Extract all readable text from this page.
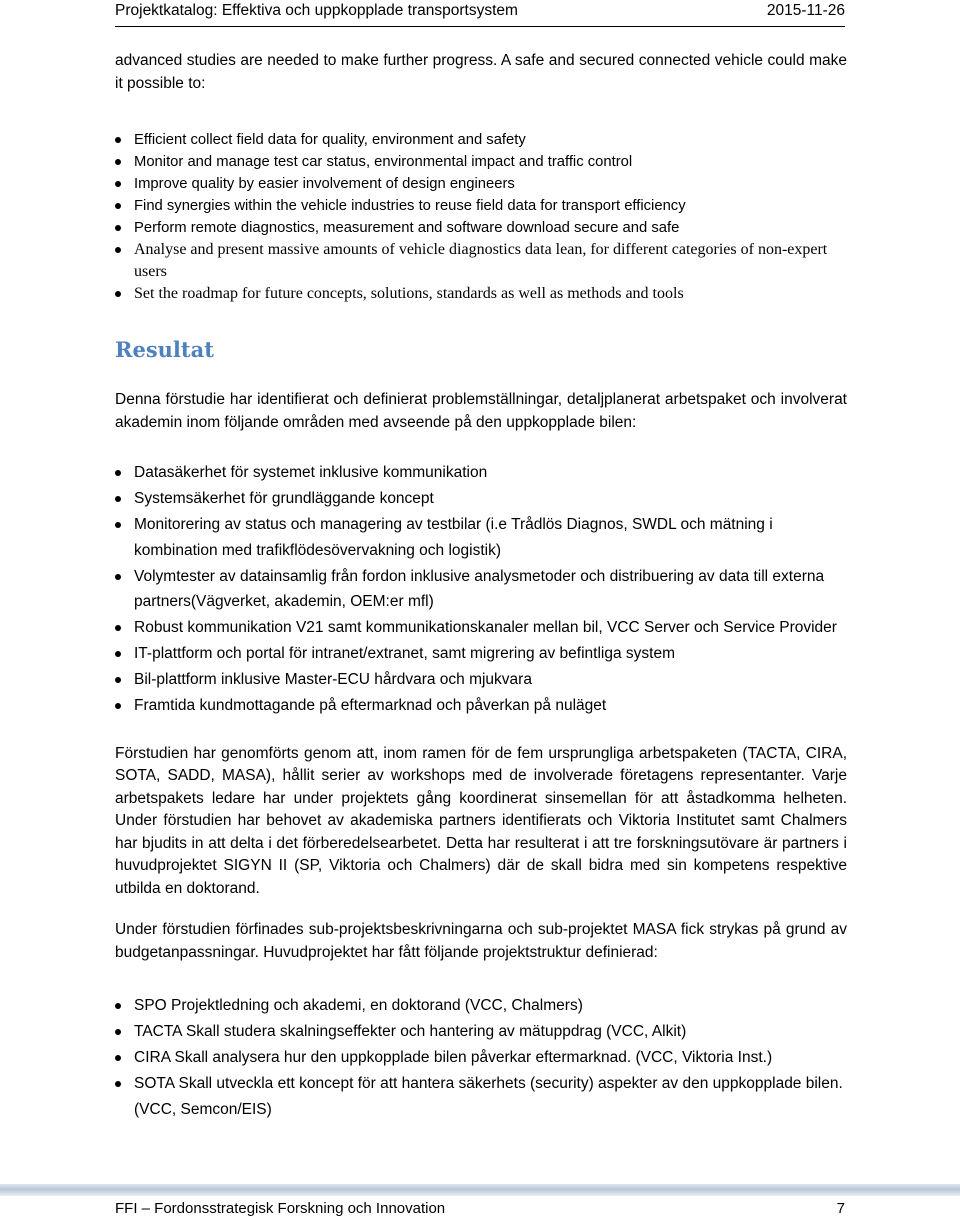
Projektkatalog: Effektiva och uppkopplade transportsystem	2015-11-26

advanced studies are needed to make further progress. A safe and secured connected vehicle could make it possible to:

Efficient collect field data for quality, environment and safety
Monitor and manage test car status, environmental impact and traffic control
Improve quality by easier involvement of design engineers
Find synergies within the vehicle industries to reuse field data for transport efficiency
Perform remote diagnostics, measurement and software download secure and safe
Analyse and present massive amounts of vehicle diagnostics data lean, for different categories of non-expert users
Set the roadmap for future concepts, solutions, standards as well as methods and tools
Resultat

Denna förstudie har identifierat och definierat problemställningar, detaljplanerat arbetspaket och involverat akademin inom följande områden med avseende på den uppkopplade bilen:

Datasäkerhet för systemet inklusive kommunikation
Systemsäkerhet för grundläggande koncept
Monitorering av status och managering av testbilar (i.e Trådlös Diagnos, SWDL och mätning i kombination med trafikflödesövervakning och logistik)
Volymtester av datainsamlig från fordon inklusive analysmetoder och distribuering av data till externa partners(Vägverket, akademin, OEM:er mfl)
Robust kommunikation V21 samt kommunikationskanaler mellan bil, VCC Server och Service Provider
IT-plattform och portal för intranet/extranet, samt migrering av befintliga system
Bil-plattform inklusive Master-ECU hårdvara och mjukvara
Framtida kundmottagande på eftermarknad och påverkan på nuläget

Förstudien har genomförts genom att, inom ramen för de fem ursprungliga arbetspaketen (TACTA, CIRA, SOTA, SADD, MASA), hållit serier av workshops med de involverade företagens representanter. Varje arbetspakets ledare har under projektets gång koordinerat sinsemellan för att åstadkomma helheten. Under förstudien har behovet av akademiska partners identifierats och Viktoria Institutet samt Chalmers har bjudits in att delta i det förberedelsearbetet. Detta har resulterat i att tre forskningsutövare är partners i huvudprojektet SIGYN II (SP, Viktoria och Chalmers) där de skall bidra med sin kompetens respektive utbilda en doktorand.

Under förstudien förfinades sub-projektsbeskrivningarna och sub-projektet MASA fick strykas på grund av budgetanpassningar. Huvudprojektet har fått följande projektstruktur definierad:

SPO Projektledning och akademi, en doktorand (VCC, Chalmers)
TACTA Skall studera skalningseffekter och hantering av mätuppdrag (VCC, Alkit)
CIRA Skall analysera hur den uppkopplade bilen påverkar eftermarknad. (VCC, Viktoria Inst.)
SOTA Skall utveckla ett koncept för att hantera säkerhets (security) aspekter av den uppkopplade bilen. (VCC, Semcon/EIS)
FFI – Fordonsstrategisk Forskning och Innovation	7
